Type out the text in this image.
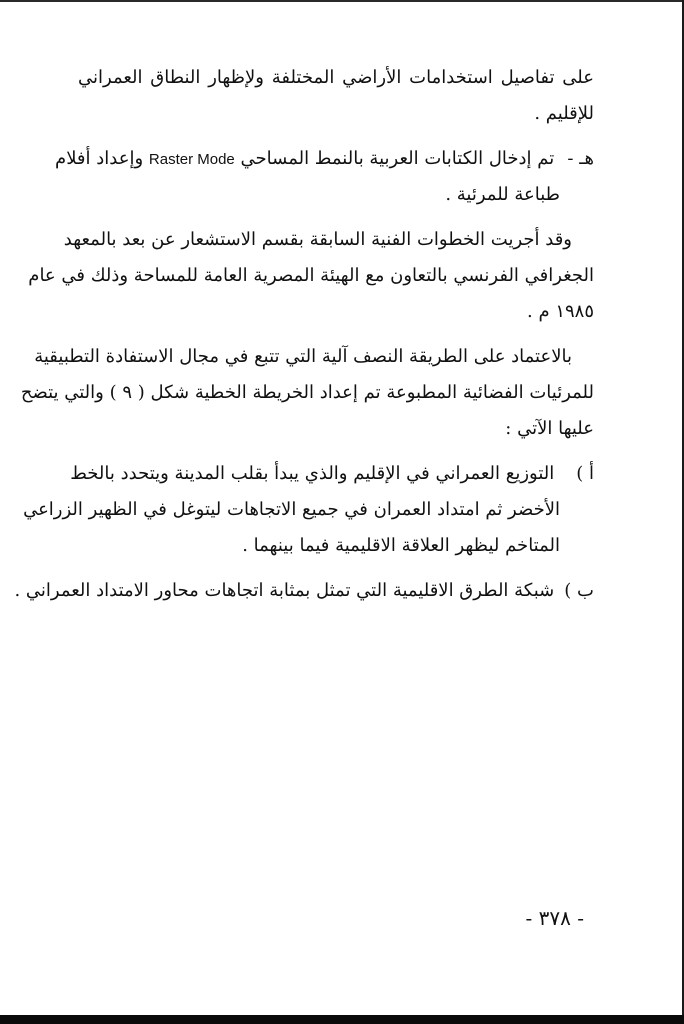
على تفاصيل استخدامات الأراضي المختلفة ولإظهار النطاق العمراني
للإقليم .
هـ - تم إدخال الكتابات العربية بالنمط المساحي Raster Mode وإعداد أفلام
طباعة للمرئية .
وقد أجريت الخطوات الفنية السابقة بقسم الاستشعار عن بعد بالمعهد
الجغرافي الفرنسي بالتعاون مع الهيئة المصرية العامة للمساحة وذلك في عام
١٩٨٥ م .
بالاعتماد على الطريقة النصف آلية التي تتبع في مجال الاستفادة التطبيقية
للمرئيات الفضائية المطبوعة تم إعداد الخريطة الخطية شكل ( ٩ ) والتي يتضح
عليها الآتي :
أ ) التوزيع العمراني في الإقليم والذي يبدأ بقلب المدينة ويتحدد بالخط
الأخضر ثم امتداد العمران في جميع الاتجاهات ليتوغل في الظهير الزراعي
المتاخم ليظهر العلاقة الاقليمية فيما بينهما .
ب ) شبكة الطرق الاقليمية التي تمثل بمثابة اتجاهات محاور الامتداد العمراني .
- ٣٧٨ -
